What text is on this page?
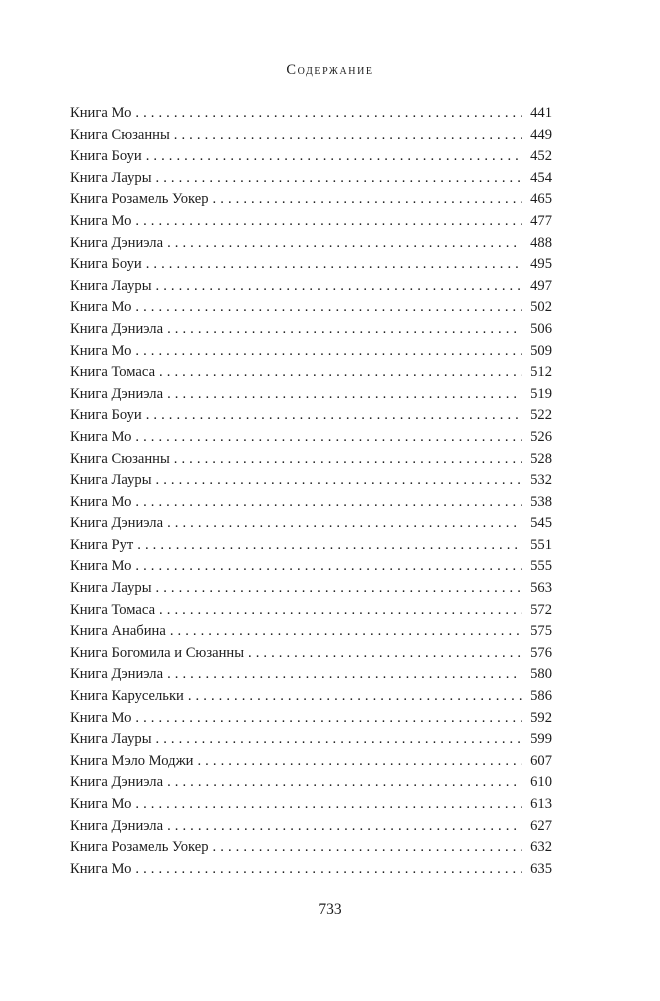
Содержание
Книга Мо . . .	441
Книга Сюзанны . . .	449
Книга Боуи . . .	452
Книга Лауры . . .	454
Книга Розамель Уокер . . .	465
Книга Мо . . .	477
Книга Дэниэла . . .	488
Книга Боуи . . .	495
Книга Лауры . . .	497
Книга Мо . . .	502
Книга Дэниэла . . .	506
Книга Мо . . .	509
Книга Томаса . . .	512
Книга Дэниэла . . .	519
Книга Боуи . . .	522
Книга Мо . . .	526
Книга Сюзанны . . .	528
Книга Лауры . . .	532
Книга Мо . . .	538
Книга Дэниэла . . .	545
Книга Рут . . .	551
Книга Мо . . .	555
Книга Лауры . . .	563
Книга Томаса . . .	572
Книга Анабина . . .	575
Книга Богомила и Сюзанны . . .	576
Книга Дэниэла . . .	580
Книга Карусельки . . .	586
Книга Мо . . .	592
Книга Лауры . . .	599
Книга Мэло Моджи . . .	607
Книга Дэниэла . . .	610
Книга Мо . . .	613
Книга Дэниэла . . .	627
Книга Розамель Уокер . . .	632
Книга Мо . . .	635
733
